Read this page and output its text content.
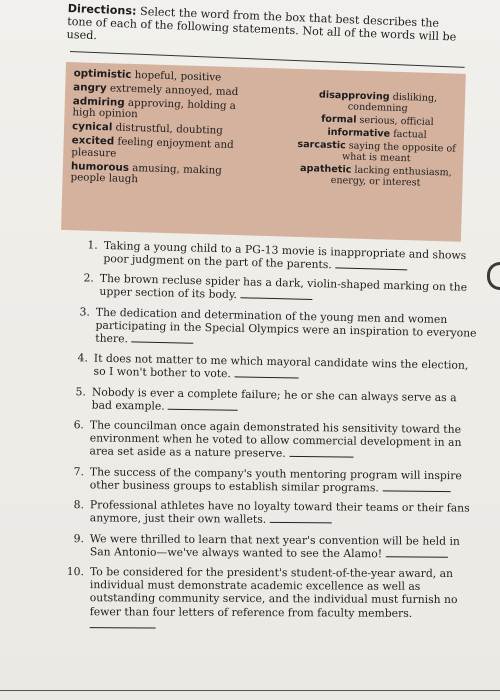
Directions: Select the word from the box that best describes the tone of each of the following statements. Not all of the words will be used.
optimistic hopeful, positive
angry extremely annoyed, mad
admiring approving, holding a high opinion
cynical distrustful, doubting
excited feeling enjoyment and pleasure
humorous amusing, making people laugh
disapproving disliking, condemning
formal serious, official
informative factual
sarcastic saying the opposite of what is meant
apathetic lacking enthusiasm, energy, or interest
1. Taking a young child to a PG-13 movie is inappropriate and shows poor judgment on the part of the parents.
2. The brown recluse spider has a dark, violin-shaped marking on the upper section of its body.
3. The dedication and determination of the young men and women participating in the Special Olympics were an inspiration to everyone there.
4. It does not matter to me which mayoral candidate wins the election, so I won't bother to vote.
5. Nobody is ever a complete failure; he or she can always serve as a bad example.
6. The councilman once again demonstrated his sensitivity toward the environment when he voted to allow commercial development in an area set aside as a nature preserve.
7. The success of the company's youth mentoring program will inspire other business groups to establish similar programs.
8. Professional athletes have no loyalty toward their teams or their fans anymore, just their own wallets.
9. We were thrilled to learn that next year's convention will be held in San Antonio—we've always wanted to see the Alamo!
10. To be considered for the president's student-of-the-year award, an individual must demonstrate academic excellence as well as outstanding community service, and the individual must furnish no fewer than four letters of reference from faculty members.
